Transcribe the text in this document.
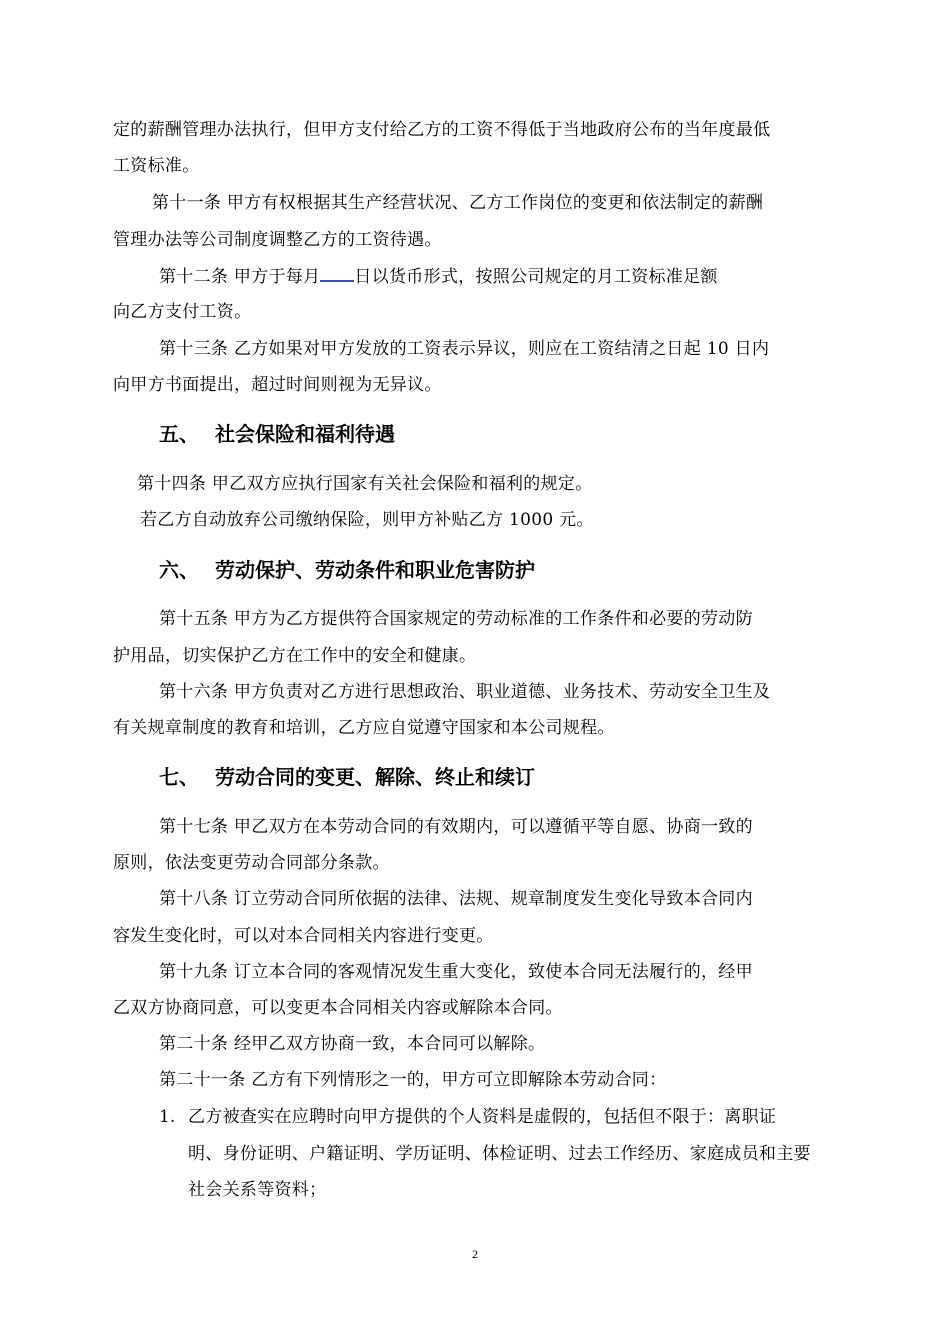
定的薪酬管理办法执行，但甲方支付给乙方的工资不得低于当地政府公布的当年度最低
工资标准。
第十一条 甲方有权根据其生产经营状况、乙方工作岗位的变更和依法制定的薪酬
管理办法等公司制度调整乙方的工资待遇。
第十二条 甲方于每月 日以货币形式，按照公司规定的月工资标准足额
向乙方支付工资。
第十三条 乙方如果对甲方发放的工资表示异议，则应在工资结清之日起 10 日内
向甲方书面提出，超过时间则视为无异议。
五、 社会保险和福利待遇
第十四条 甲乙双方应执行国家有关社会保险和福利的规定。
若乙方自动放弃公司缴纳保险，则甲方补贴乙方 1000 元。
六、 劳动保护、劳动条件和职业危害防护
第十五条 甲方为乙方提供符合国家规定的劳动标准的工作条件和必要的劳动防
护用品，切实保护乙方在工作中的安全和健康。
第十六条 甲方负责对乙方进行思想政治、职业道德、业务技术、劳动安全卫生及
有关规章制度的教育和培训，乙方应自觉遵守国家和本公司规程。
七、 劳动合同的变更、解除、终止和续订
第十七条 甲乙双方在本劳动合同的有效期内，可以遵循平等自愿、协商一致的
原则，依法变更劳动合同部分条款。
第十八条 订立劳动合同所依据的法律、法规、规章制度发生变化导致本合同内
容发生变化时，可以对本合同相关内容进行变更。
第十九条 订立本合同的客观情况发生重大变化，致使本合同无法履行的，经甲
乙双方协商同意，可以变更本合同相关内容或解除本合同。
第二十条 经甲乙双方协商一致，本合同可以解除。
第二十一条 乙方有下列情形之一的，甲方可立即解除本劳动合同：
1. 乙方被查实在应聘时向甲方提供的个人资料是虚假的，包括但不限于：离职证
明、身份证明、户籍证明、学历证明、体检证明、过去工作经历、家庭成员和主要
社会关系等资料；
2
